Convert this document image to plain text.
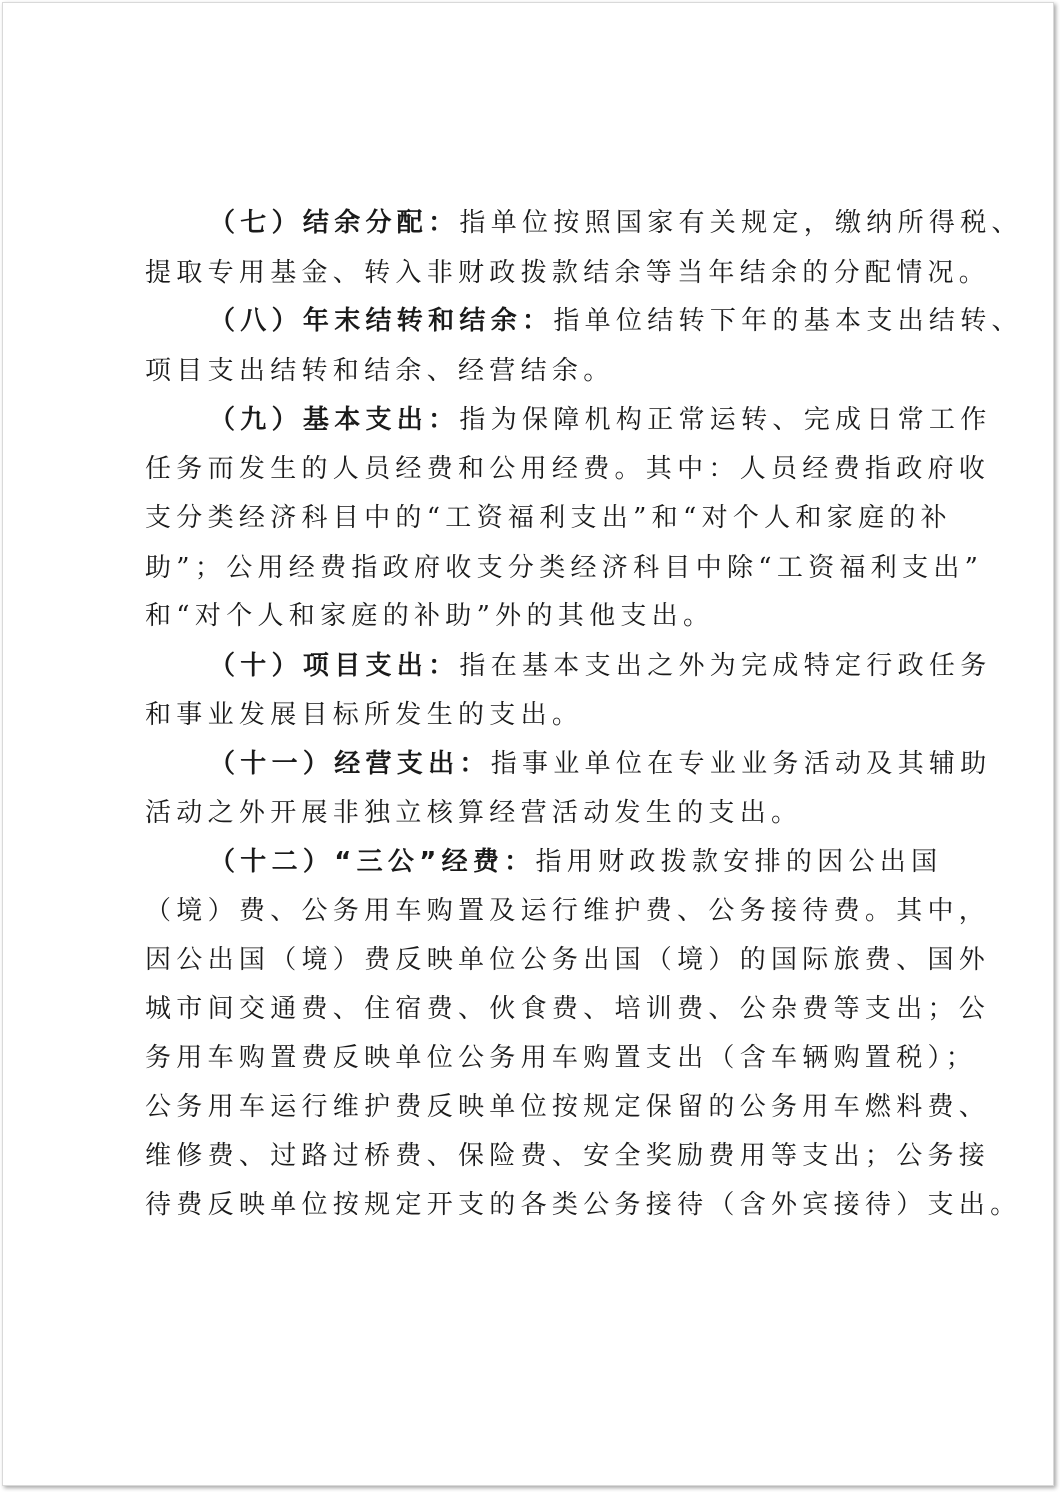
（七）结余分配：指单位按照国家有关规定，缴纳所得税、
提取专用基金、转入非财政拨款结余等当年结余的分配情况。
（八）年末结转和结余：指单位结转下年的基本支出结转、
项目支出结转和结余、经营结余。
（九）基本支出：指为保障机构正常运转、完成日常工作
任务而发生的人员经费和公用经费。其中：人员经费指政府收
支分类经济科目中的“工资福利支出”和“对个人和家庭的补
助”；公用经费指政府收支分类经济科目中除“工资福利支出”
和“对个人和家庭的补助”外的其他支出。
（十）项目支出：指在基本支出之外为完成特定行政任务
和事业发展目标所发生的支出。
（十一）经营支出：指事业单位在专业业务活动及其辅助
活动之外开展非独立核算经营活动发生的支出。
（十二）“三公”经费：指用财政拨款安排的因公出国
（境）费、公务用车购置及运行维护费、公务接待费。其中，
因公出国（境）费反映单位公务出国（境）的国际旅费、国外
城市间交通费、住宿费、伙食费、培训费、公杂费等支出；公
务用车购置费反映单位公务用车购置支出（含车辆购置税）；
公务用车运行维护费反映单位按规定保留的公务用车燃料费、
维修费、过路过桥费、保险费、安全奖励费用等支出；公务接
待费反映单位按规定开支的各类公务接待（含外宾接待）支出。
